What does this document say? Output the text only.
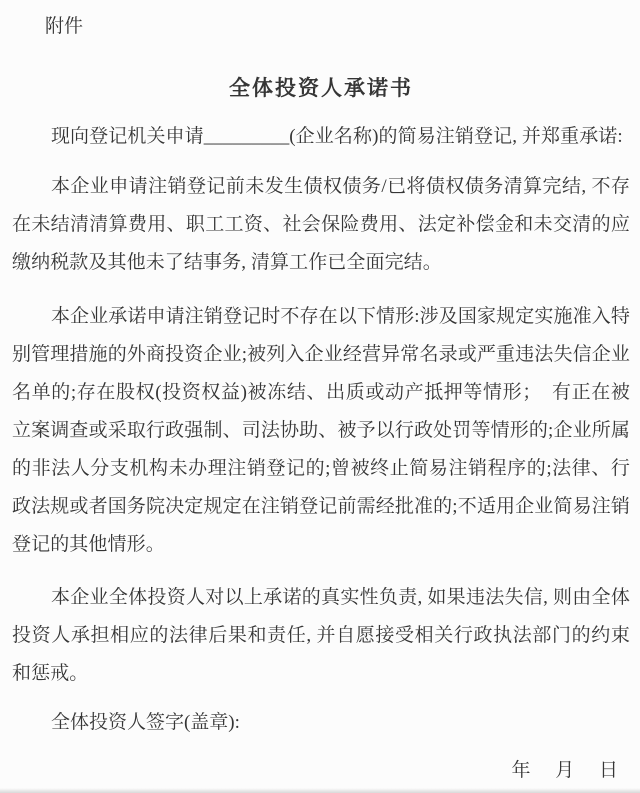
附件
全体投资人承诺书

现向登记机关申请_________(企业名称)的简易注销登记, 并郑重承诺:

本企业申请注销登记前未发生债权债务/已将债权债务清算完结, 不存在未结清清算费用、职工工资、社会保险费用、法定补偿金和未交清的应缴纳税款及其他未了结事务, 清算工作已全面完结。

本企业承诺申请注销登记时不存在以下情形:涉及国家规定实施准入特别管理措施的外商投资企业;被列入企业经营异常名录或严重违法失信企业名单的;存在股权(投资权益)被冻结、出质或动产抵押等情形；　有正在被立案调查或采取行政强制、司法协助、被予以行政处罚等情形的;企业所属的非法人分支机构未办理注销登记的;曾被终止简易注销程序的;法律、行政法规或者国务院决定规定在注销登记前需经批准的;不适用企业简易注销登记的其他情形。

本企业全体投资人对以上承诺的真实性负责, 如果违法失信, 则由全体投资人承担相应的法律后果和责任, 并自愿接受相关行政执法部门的约束和惩戒。

全体投资人签字(盖章):
年 月 日
